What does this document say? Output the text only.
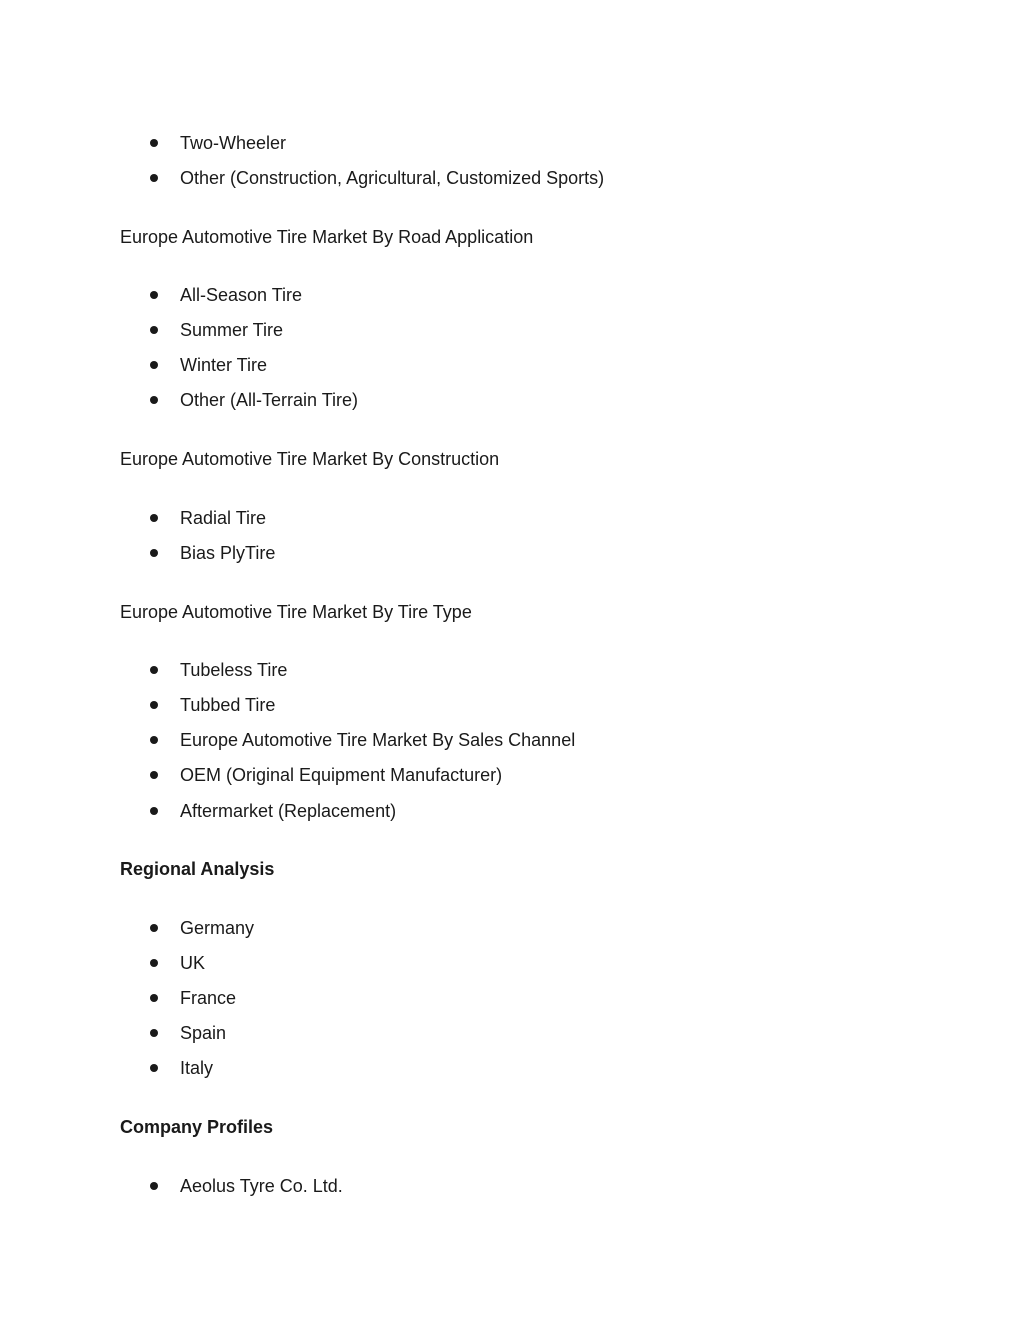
Two-Wheeler
Other (Construction, Agricultural, Customized Sports)
Europe Automotive Tire Market By Road Application
All-Season Tire
Summer Tire
Winter Tire
Other (All-Terrain Tire)
Europe Automotive Tire Market By Construction
Radial Tire
Bias PlyTire
Europe Automotive Tire Market By Tire Type
Tubeless Tire
Tubbed Tire
Europe Automotive Tire Market By Sales Channel
OEM (Original Equipment Manufacturer)
Aftermarket (Replacement)
Regional Analysis
Germany
UK
France
Spain
Italy
Company Profiles
Aeolus Tyre Co. Ltd.
